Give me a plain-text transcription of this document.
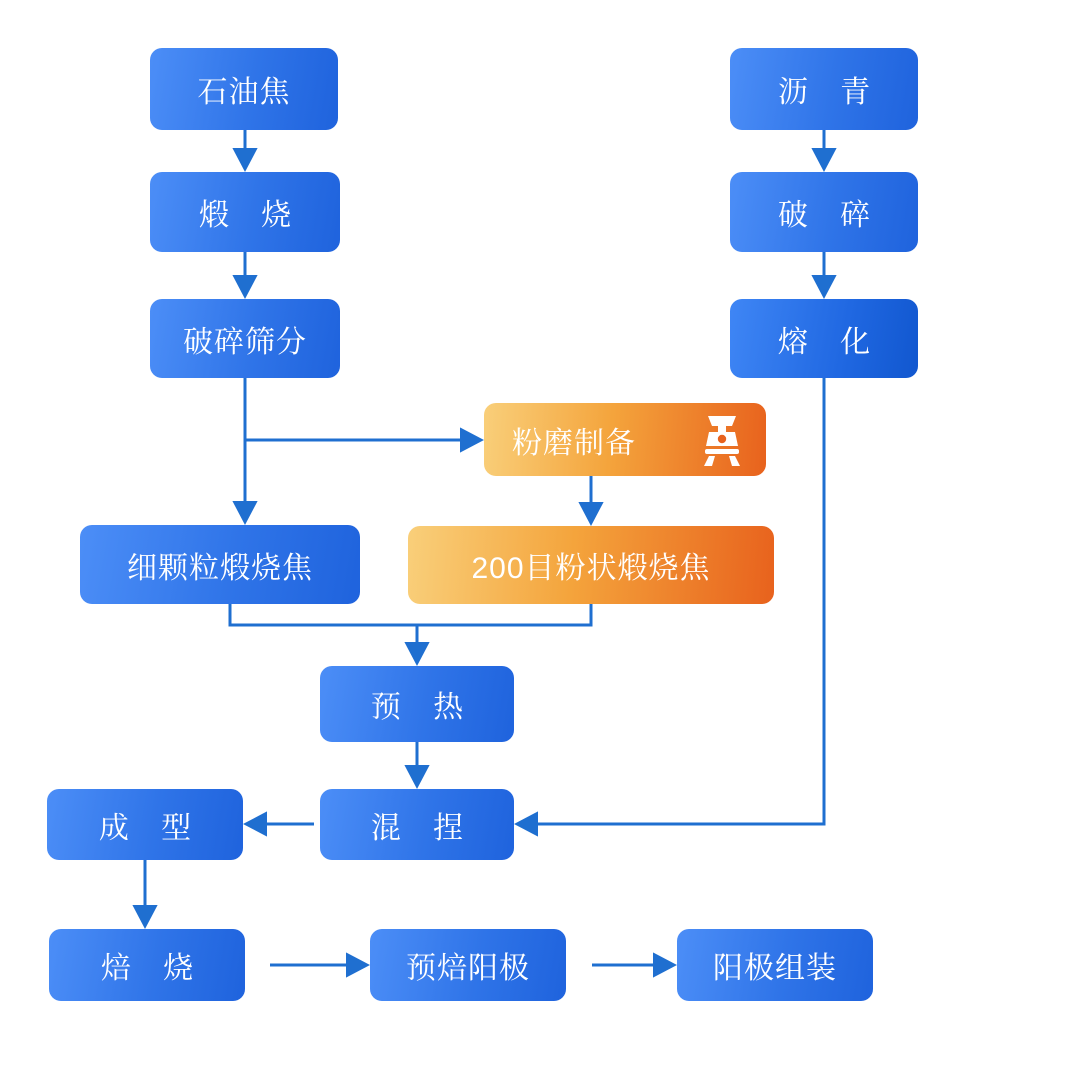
石油焦
煅 烧
破碎筛分
沥 青
破 碎
熔 化
粉磨制备
细颗粒煅烧焦	200目粉状煅烧焦
预 热
混 捏
成 型
焙 烧	预焙阳极	阳极组装
